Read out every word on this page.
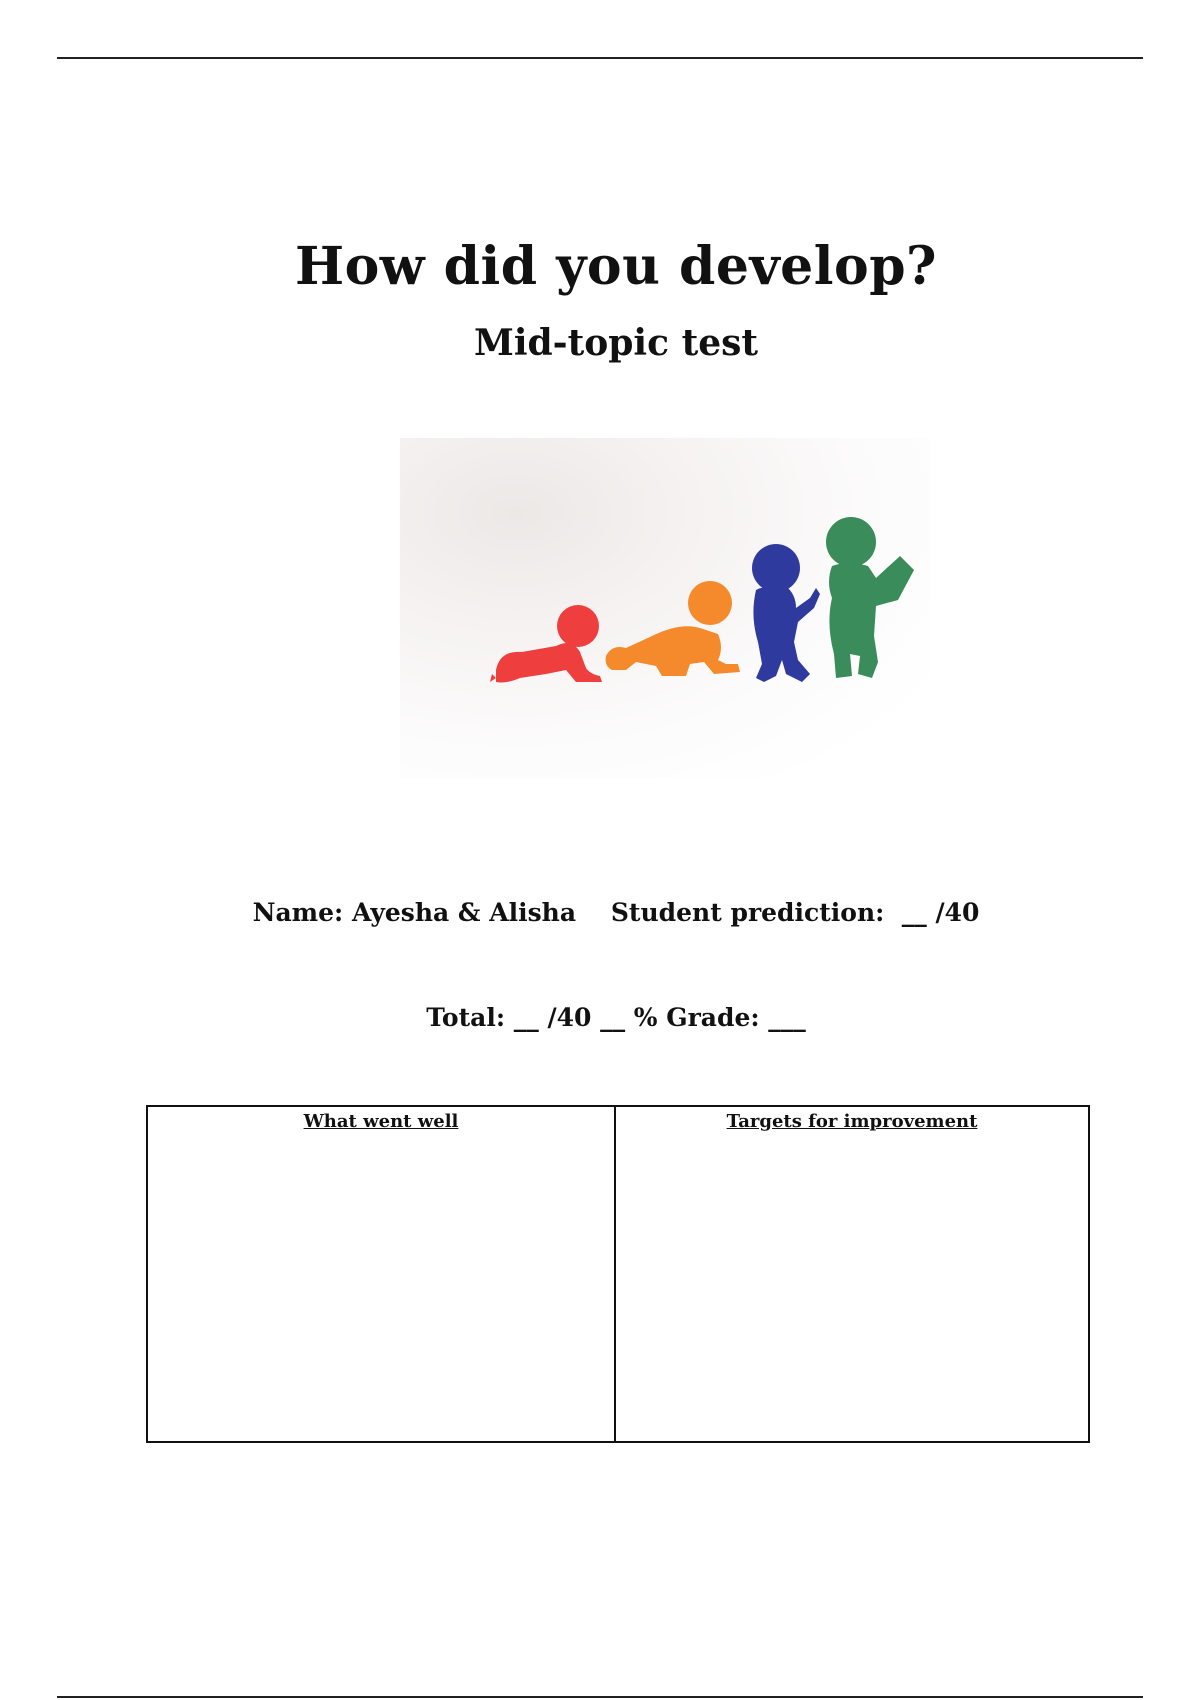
How did you develop?
Mid-topic test
Name: Ayesha & Alisha Student prediction:  __ /40
Total: __ /40 __ % Grade: ___
What went well	Targets for improvement
